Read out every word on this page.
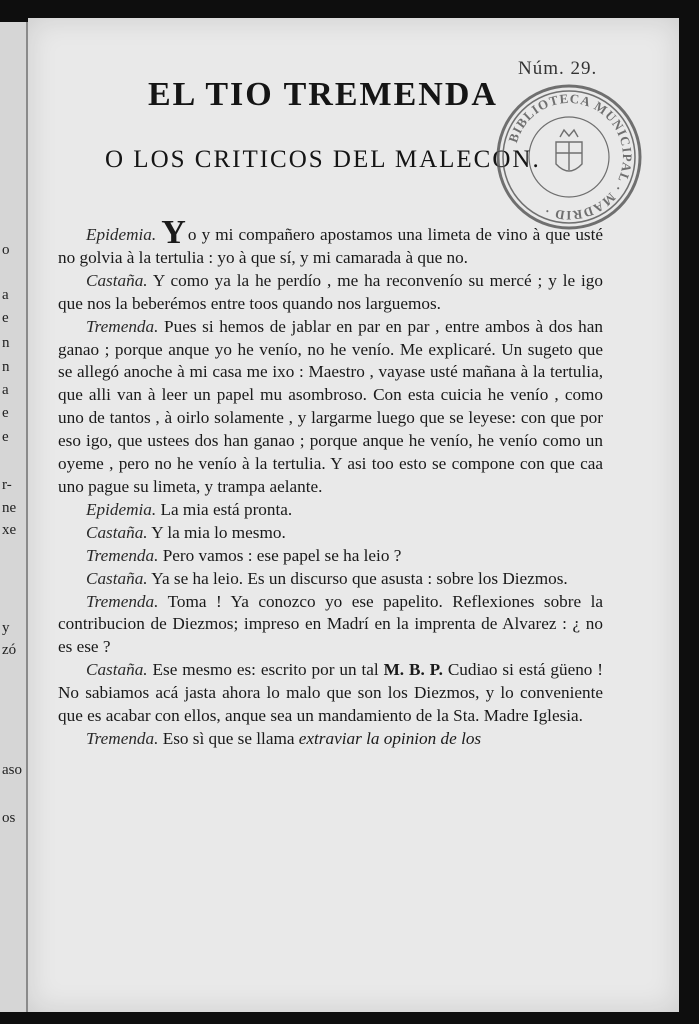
o
a
e
n
n
a
e
e
r-
ne
xe
y
zó
aso
os

Núm. 29.
EL TIO TREMENDA
O LOS CRITICOS DEL MALECON.
BIBLIOTECA MUNICIPAL · MADRID ·

Epidemia. Y o y mi compañero apostamos una limeta de vino à que usté no golvia à la tertulia : yo à que sí, y mi camarada à que no.

Castaña. Y como ya la he perdío , me ha reconvenío su mercé ; y le igo que nos la beberémos entre toos quando nos larguemos.

Tremenda. Pues si hemos de jablar en par en par , entre ambos à dos han ganao ; porque anque yo he venío, no he venío. Me explicaré. Un sugeto que se allegó anoche à mi casa me ixo : Maestro , vayase usté mañana à la tertulia, que alli van à leer un papel mu asombroso. Con esta cuicia he venío , como uno de tantos , à oirlo solamente , y largarme luego que se leyese: con que por eso igo, que ustees dos han ganao ; porque anque he venío, he venío como un oyeme , pero no he venío à la tertulia. Y asi too esto se compone con que caa uno pague su limeta, y trampa aelante.

Epidemia. La mia está pronta.

Castaña. Y la mia lo mesmo.

Tremenda. Pero vamos : ese papel se ha leio ?

Castaña. Ya se ha leio. Es un discurso que asusta : sobre los Diezmos.

Tremenda. Toma ! Ya conozco yo ese papelito. Reflexiones sobre la contribucion de Diezmos; impreso en Madrí en la imprenta de Alvarez : ¿ no es ese ?

Castaña. Ese mesmo es: escrito por un tal M. B. P. Cudiao si está güeno ! No sabiamos acá jasta ahora lo malo que son los Diezmos, y lo conveniente que es acabar con ellos, anque sea un mandamiento de la Sta. Madre Iglesia.

Tremenda. Eso sì que se llama extraviar la opinion de los
